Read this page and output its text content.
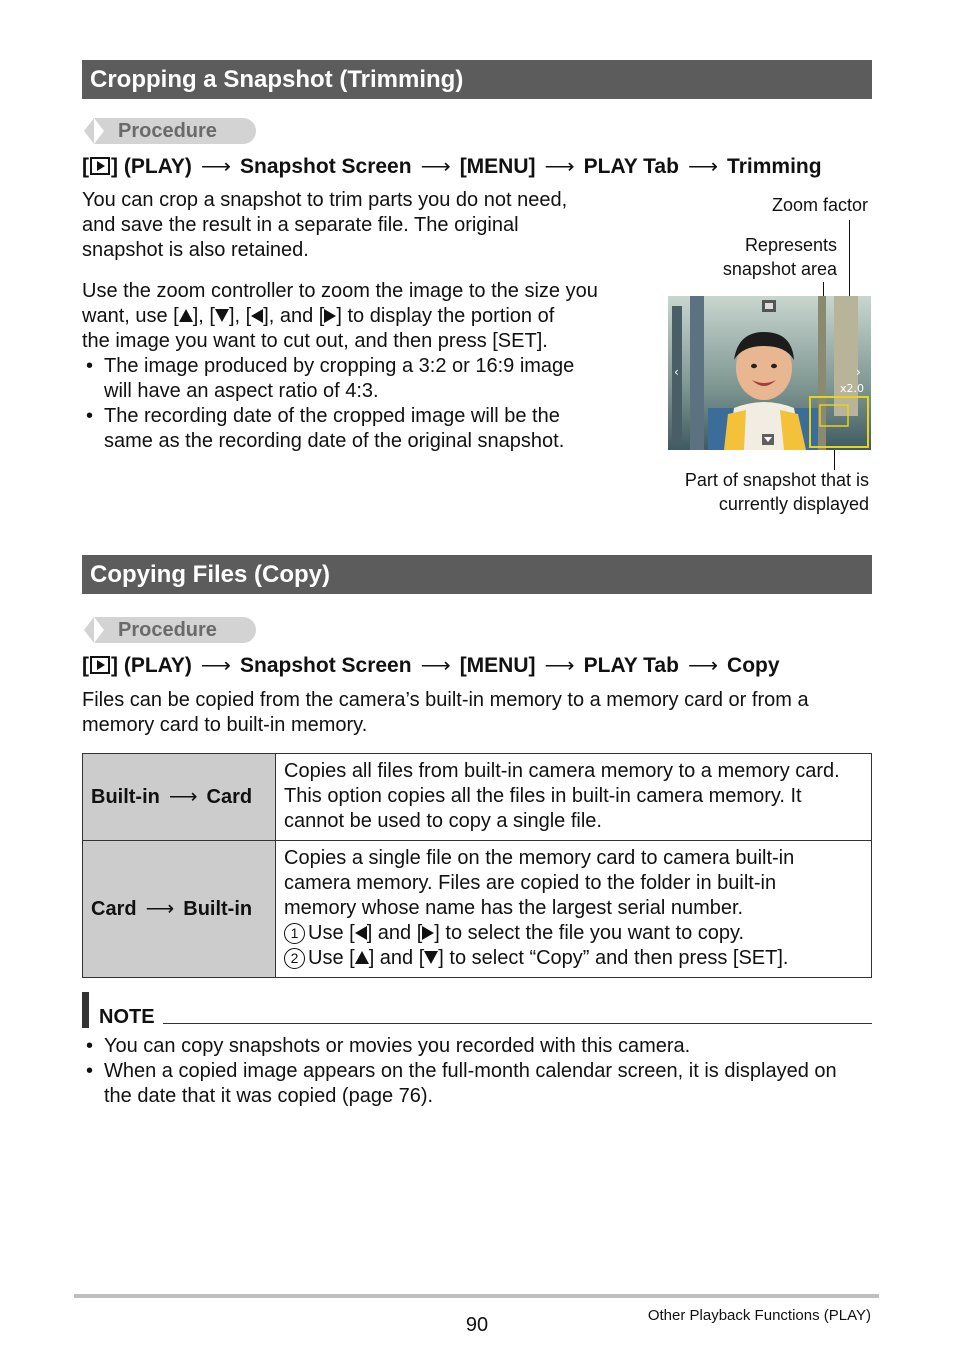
Cropping a Snapshot (Trimming)
Procedure
[ ] (PLAY) ⟶ Snapshot Screen ⟶ [MENU] ⟶ PLAY Tab ⟶ Trimming
You can crop a snapshot to trim parts you do not need,
and save the result in a separate file. The original
snapshot is also retained.
Use the zoom controller to zoom the image to the size you
want, use [ ], [ ], [ ], and [ ] to display the portion of
the image you want to cut out, and then press [SET].
• The image produced by cropping a 3:2 or 16:9 image
will have an aspect ratio of 4:3.
• The recording date of the cropped image will be the
same as the recording date of the original snapshot.
Zoom factor
Represents
snapshot area
Part of snapshot that is
currently displayed
‹	›
x2.0
Copying Files (Copy)
Procedure
[ ] (PLAY) ⟶ Snapshot Screen ⟶ [MENU] ⟶ PLAY Tab ⟶ Copy
Files can be copied from the camera’s built-in memory to a memory card or from a
memory card to built-in memory.
Built-in ⟶ Card	Copies all files from built-in camera memory to a memory card.
This option copies all the files in built-in camera memory. It
cannot be used to copy a single file.

Card ⟶ Built-in	Copies a single file on the memory card to camera built-in
camera memory. Files are copied to the folder in built-in
memory whose name has the largest serial number.
1 Use [ ] and [ ] to select the file you want to copy.
2 Use [ ] and [ ] to select “Copy” and then press [SET].
NOTE
• You can copy snapshots or movies you recorded with this camera.
• When a copied image appears on the full-month calendar screen, it is displayed on
the date that it was copied (page 76).
90	Other Playback Functions (PLAY)
